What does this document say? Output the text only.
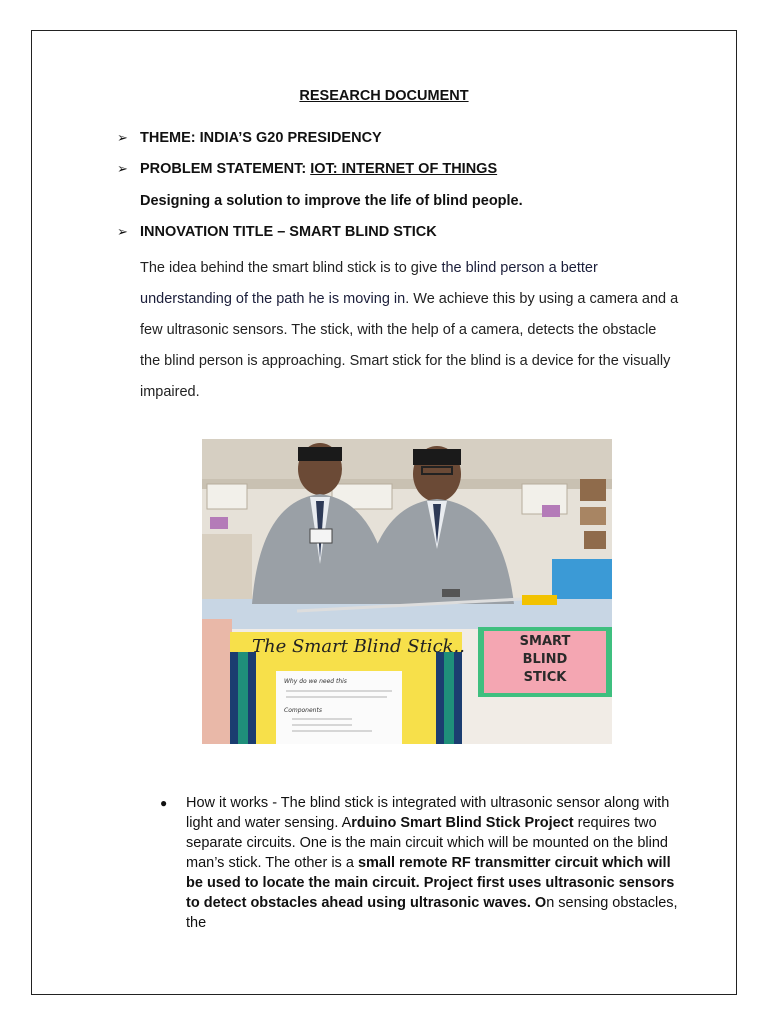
RESEARCH DOCUMENT
➢ THEME: INDIA’S G20 PRESIDENCY
➢ PROBLEM STATEMENT: IOT: INTERNET OF THINGS
Designing a solution to improve the life of blind people.
➢ INNOVATION TITLE – SMART BLIND STICK
The idea behind the smart blind stick is to give the blind person a better understanding of the path he is moving in. We achieve this by using a camera and a few ultrasonic sensors. The stick, with the help of a camera, detects the obstacle the blind person is approaching. Smart stick for the blind is a device for the visually impaired.
The Smart Blind Stick..
Why do we need this
Components
SMART
BLIND
STICK
● How it works - The blind stick is integrated with ultrasonic sensor along with light and water sensing. Arduino Smart Blind Stick Project requires two separate circuits. One is the main circuit which will be mounted on the blind man’s stick. The other is a small remote RF transmitter circuit which will be used to locate the main circuit. Project first uses ultrasonic sensors to detect obstacles ahead using ultrasonic waves. On sensing obstacles, the
